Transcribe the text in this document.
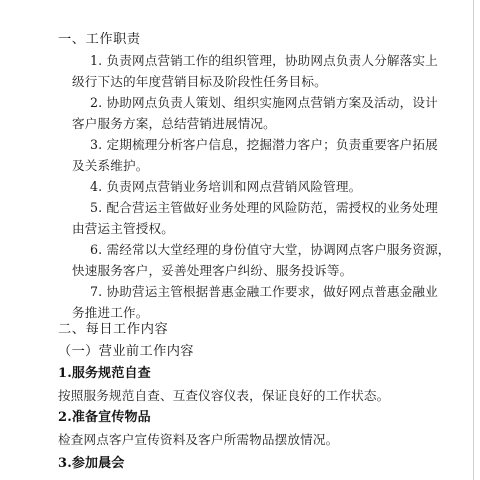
一、工作职责
1. 负责网点营销工作的组织管理，协助网点负责人分解落实上
级行下达的年度营销目标及阶段性任务目标。
2. 协助网点负责人策划、组织实施网点营销方案及活动，设计
客户服务方案，总结营销进展情况。
3. 定期梳理分析客户信息，挖掘潜力客户；负责重要客户拓展
及关系维护。
4. 负责网点营销业务培训和网点营销风险管理。
5. 配合营运主管做好业务处理的风险防范，需授权的业务处理
由营运主管授权。
6. 需经常以大堂经理的身份值守大堂，协调网点客户服务资源，
快速服务客户，妥善处理客户纠纷、服务投诉等。
7. 协助营运主管根据普惠金融工作要求，做好网点普惠金融业
务推进工作。
二、每日工作内容
（一）营业前工作内容
1.服务规范自查
按照服务规范自查、互查仪容仪表，保证良好的工作状态。
2.准备宣传物品
检查网点客户宣传资料及客户所需物品摆放情况。
3.参加晨会
